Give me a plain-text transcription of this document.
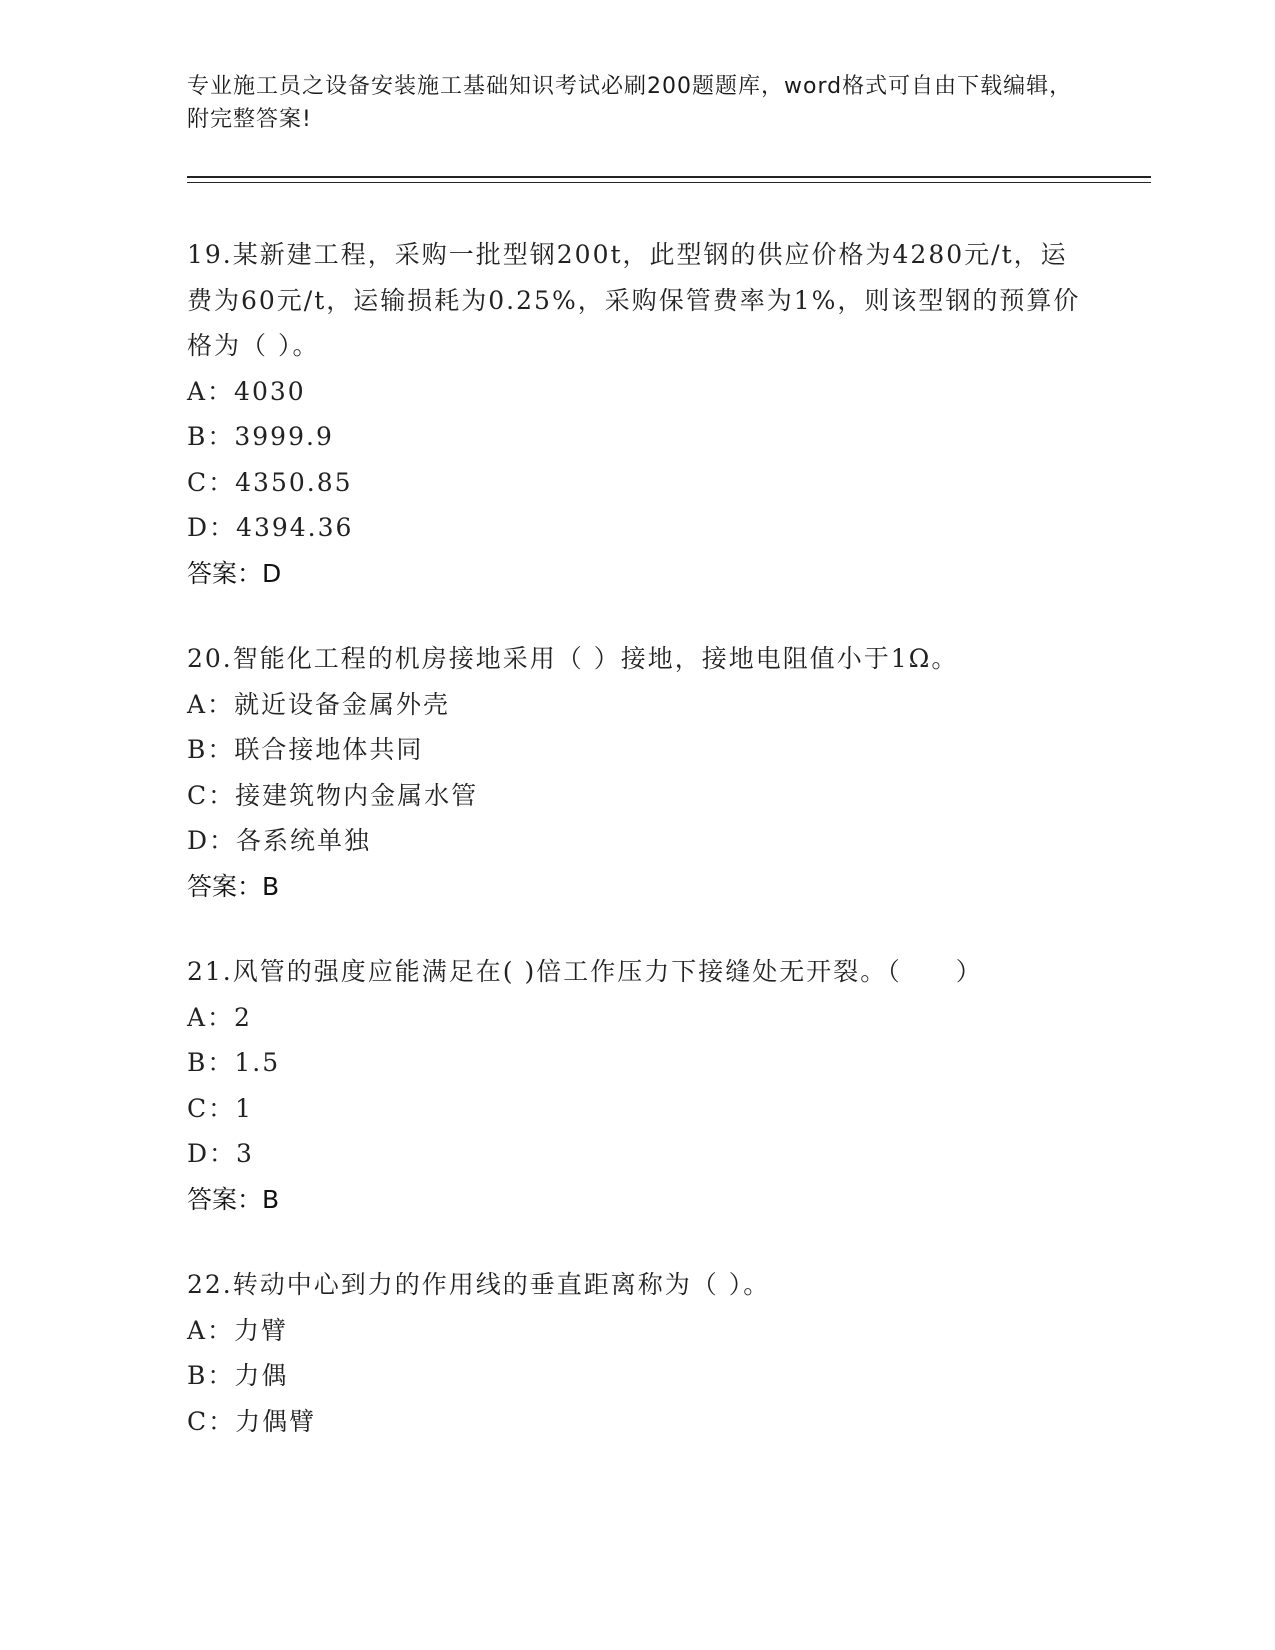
专业施工员之设备安装施工基础知识考试必刷200题题库，word格式可自由下载编辑，附完整答案!
19.某新建工程，采购一批型钢200t，此型钢的供应价格为4280元/t，运费为60元/t，运输损耗为0.25%，采购保管费率为1%，则该型钢的预算价格为（ ）。
A：4030
B：3999.9
C：4350.85
D：4394.36
答案：D
20.智能化工程的机房接地采用（ ）接地，接地电阻值小于1Ω。
A：就近设备金属外壳
B：联合接地体共同
C：接建筑物内金属水管
D：各系统单独
答案：B
21.风管的强度应能满足在( )倍工作压力下接缝处无开裂。（　　）
A：2
B：1.5
C：1
D：3
答案：B
22.转动中心到力的作用线的垂直距离称为（ ）。
A：力臂
B：力偶
C：力偶臂
